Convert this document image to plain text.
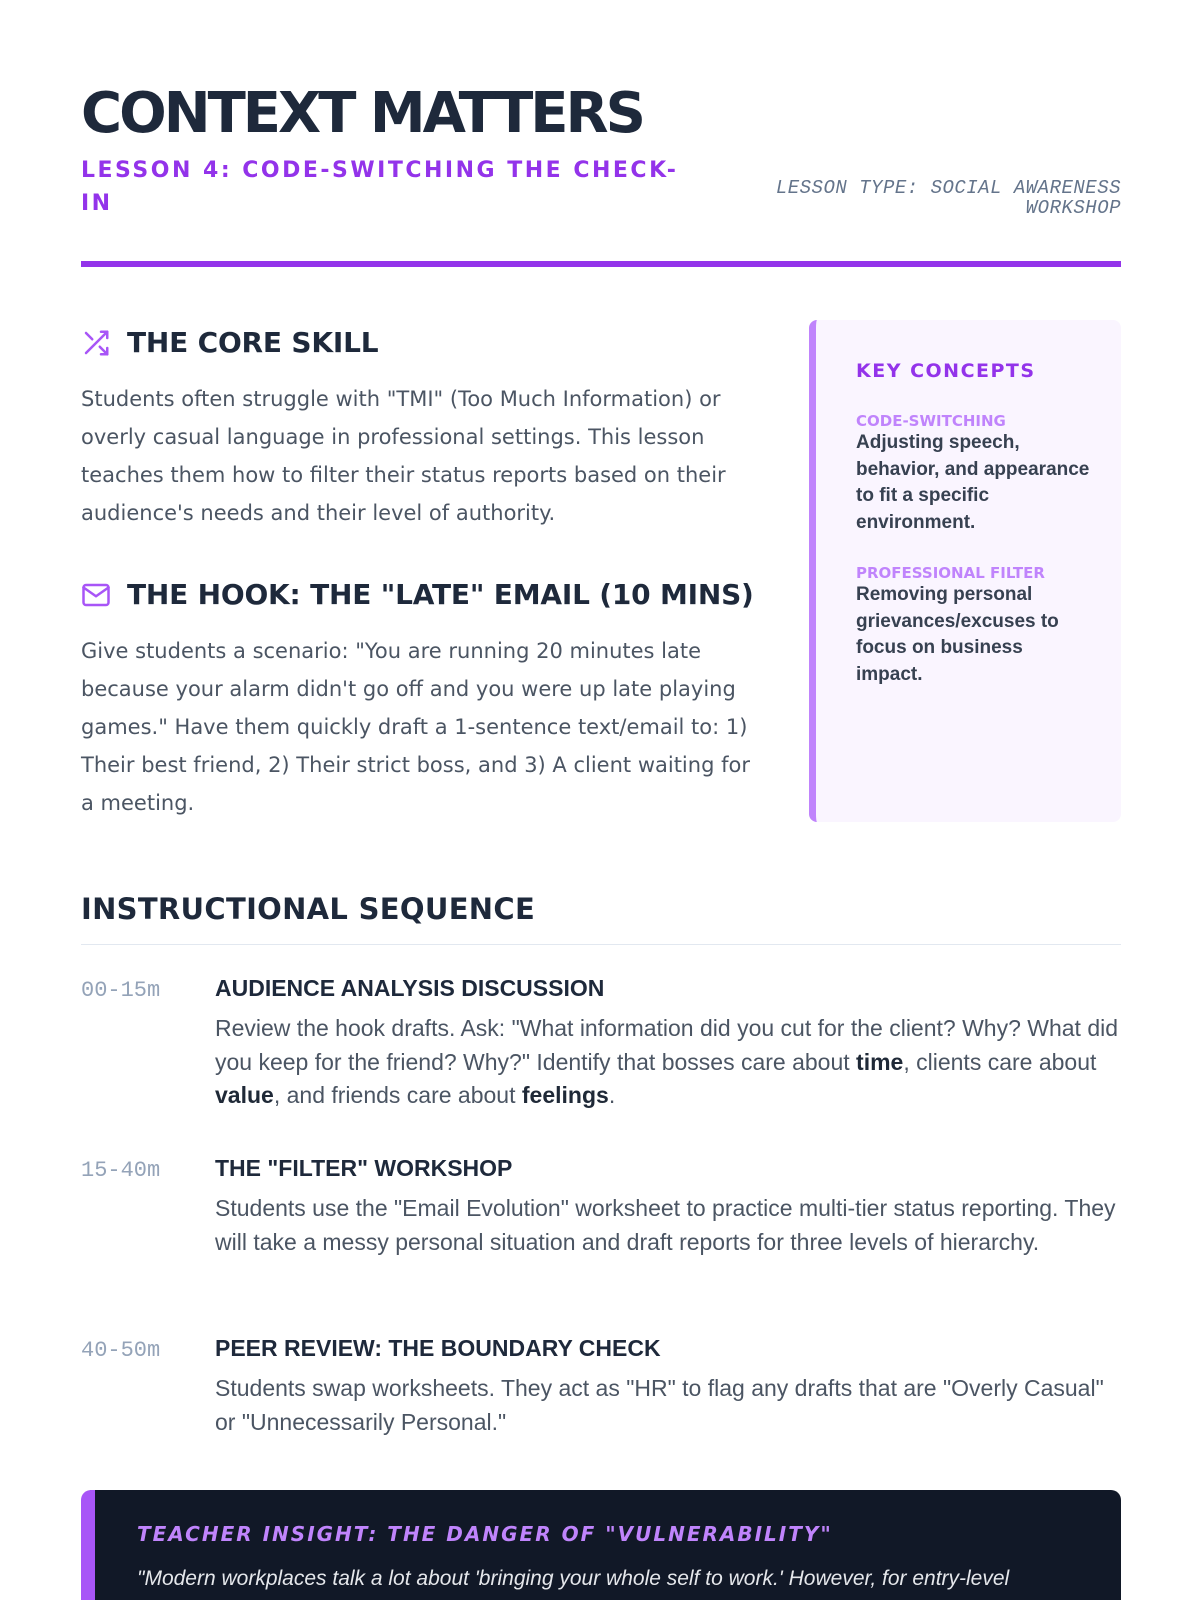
CONTEXT MATTERS
LESSON 4: CODE-SWITCHING THE CHECK-IN
LESSON TYPE: SOCIAL AWARENESS WORKSHOP
THE CORE SKILL

Students often struggle with "TMI" (Too Much Information) or overly casual language in professional settings. This lesson teaches them how to filter their status reports based on their audience's needs and their level of authority.

THE HOOK: THE "LATE" EMAIL (10 MINS)

Give students a scenario: "You are running 20 minutes late because your alarm didn't go off and you were up late playing games." Have them quickly draft a 1-sentence text/email to: 1) Their best friend, 2) Their strict boss, and 3) A client waiting for a meeting.

KEY CONCEPTS
CODE-SWITCHING
Adjusting speech, behavior, and appearance to fit a specific environment.
PROFESSIONAL FILTER
Removing personal grievances/excuses to focus on business impact.
INSTRUCTIONAL SEQUENCE
00-15m AUDIENCE ANALYSIS DISCUSSION
Review the hook drafts. Ask: "What information did you cut for the client? Why? What did you keep for the friend? Why?" Identify that bosses care about time, clients care about value, and friends care about feelings.
15-40m THE "FILTER" WORKSHOP
Students use the "Email Evolution" worksheet to practice multi-tier status reporting. They will take a messy personal situation and draft reports for three levels of hierarchy.
40-50m PEER REVIEW: THE BOUNDARY CHECK
Students swap worksheets. They act as "HR" to flag any drafts that are "Overly Casual" or "Unnecessarily Personal."
TEACHER INSIGHT: THE DANGER OF "VULNERABILITY"
"Modern workplaces talk a lot about 'bringing your whole self to work.' However, for entry-level
